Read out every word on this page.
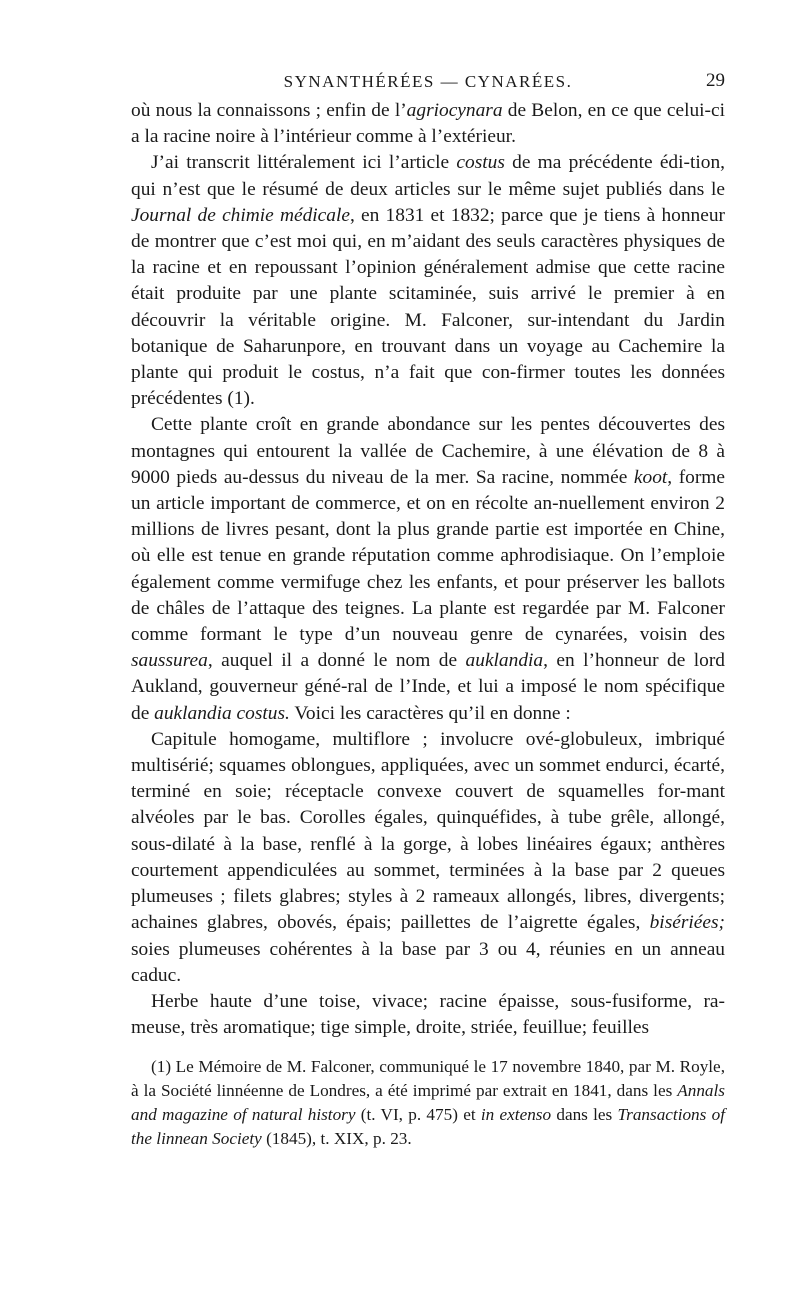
SYNANTHÉRÉES — CYNARÉES.	29

où nous la connaissons ; enfin de l’agriocynara de Belon, en ce que celui-ci a la racine noire à l’intérieur comme à l’extérieur.

J’ai transcrit littéralement ici l’article costus de ma précédente édi-tion, qui n’est que le résumé de deux articles sur le même sujet publiés dans le Journal de chimie médicale, en 1831 et 1832; parce que je tiens à honneur de montrer que c’est moi qui, en m’aidant des seuls caractères physiques de la racine et en repoussant l’opinion généralement admise que cette racine était produite par une plante scitaminée, suis arrivé le premier à en découvrir la véritable origine. M. Falconer, sur-intendant du Jardin botanique de Saharunpore, en trouvant dans un voyage au Cachemire la plante qui produit le costus, n’a fait que con-firmer toutes les données précédentes (1).

Cette plante croît en grande abondance sur les pentes découvertes des montagnes qui entourent la vallée de Cachemire, à une élévation de 8 à 9000 pieds au-dessus du niveau de la mer. Sa racine, nommée koot, forme un article important de commerce, et on en récolte an-nuellement environ 2 millions de livres pesant, dont la plus grande partie est importée en Chine, où elle est tenue en grande réputation comme aphrodisiaque. On l’emploie également comme vermifuge chez les enfants, et pour préserver les ballots de châles de l’attaque des teignes. La plante est regardée par M. Falconer comme formant le type d’un nouveau genre de cynarées, voisin des saussurea, auquel il a donné le nom de auklandia, en l’honneur de lord Aukland, gouverneur géné-ral de l’Inde, et lui a imposé le nom spécifique de auklandia costus. Voici les caractères qu’il en donne :

Capitule homogame, multiflore ; involucre ové-globuleux, imbriqué multisérié; squames oblongues, appliquées, avec un sommet endurci, écarté, terminé en soie; réceptacle convexe couvert de squamelles for-mant alvéoles par le bas. Corolles égales, quinquéfides, à tube grêle, allongé, sous-dilaté à la base, renflé à la gorge, à lobes linéaires égaux; anthères courtement appendiculées au sommet, terminées à la base par 2 queues plumeuses ; filets glabres; styles à 2 rameaux allongés, libres, divergents; achaines glabres, obovés, épais; paillettes de l’aigrette égales, bisériées; soies plumeuses cohérentes à la base par 3 ou 4, réunies en un anneau caduc.

Herbe haute d’une toise, vivace; racine épaisse, sous-fusiforme, ra-meuse, très aromatique; tige simple, droite, striée, feuillue; feuilles

(1) Le Mémoire de M. Falconer, communiqué le 17 novembre 1840, par M. Royle, à la Société linnéenne de Londres, a été imprimé par extrait en 1841, dans les Annals and magazine of natural history (t. VI, p. 475) et in extenso dans les Transactions of the linnean Society (1845), t. XIX, p. 23.
